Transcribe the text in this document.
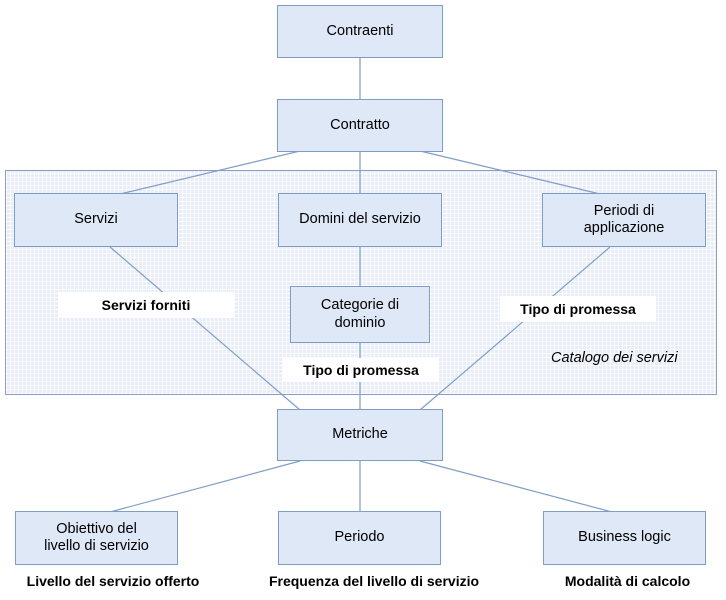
Contraenti
Contratto
Servizi	Domini del servizio
Periodi di
applicazione
Categorie di
dominio
Servizi forniti	Tipo di promessa
Tipo di promessa
Catalogo dei servizi
Metriche
Obiettivo del
livello di servizio
Periodo	Business logic
Livello del servizio offerto	Frequenza del livello di servizio	Modalità di calcolo
